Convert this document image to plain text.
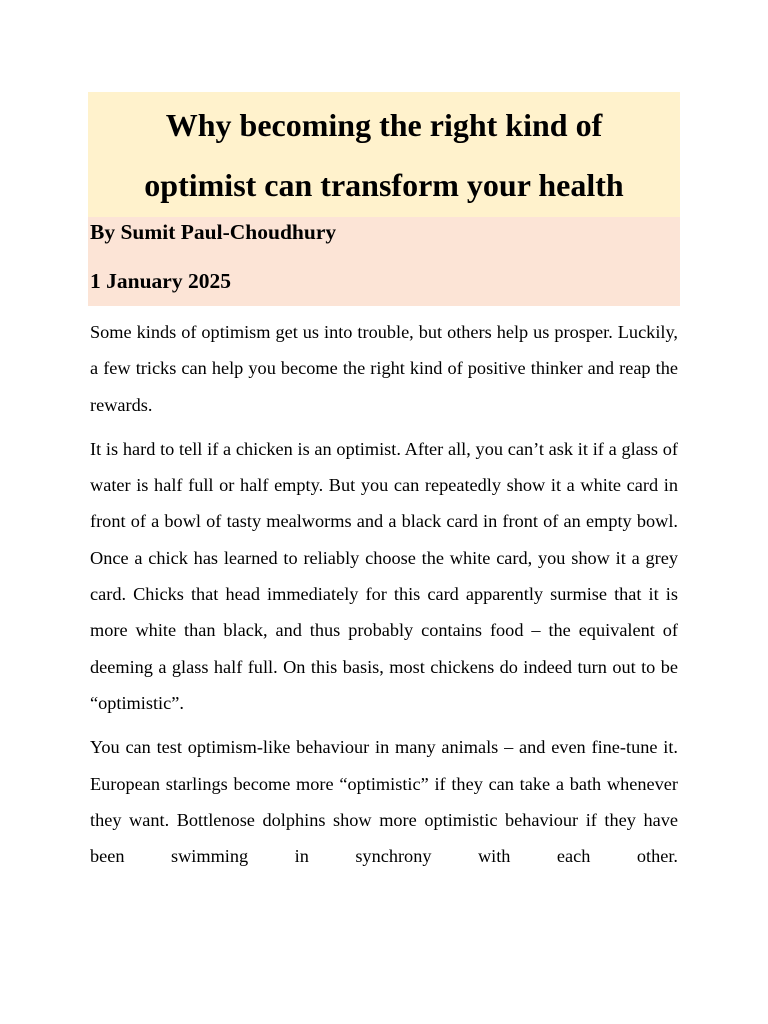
Why becoming the right kind of
optimist can transform your health
By Sumit Paul-Choudhury
1 January 2025

Some kinds of optimism get us into trouble, but others help us prosper. Luckily, a few tricks can help you become the right kind of positive thinker and reap the rewards.

It is hard to tell if a chicken is an optimist. After all, you can’t ask it if a glass of water is half full or half empty. But you can repeatedly show it a white card in front of a bowl of tasty mealworms and a black card in front of an empty bowl. Once a chick has learned to reliably choose the white card, you show it a grey card. Chicks that head immediately for this card apparently surmise that it is more white than black, and thus probably contains food – the equivalent of deeming a glass half full. On this basis, most chickens do indeed turn out to be “optimistic”.

You can test optimism-like behaviour in many animals – and even fine-tune it. European starlings become more “optimistic” if they can take a bath whenever they want. Bottlenose dolphins show more optimistic behaviour if they have been swimming in synchrony with each other.
